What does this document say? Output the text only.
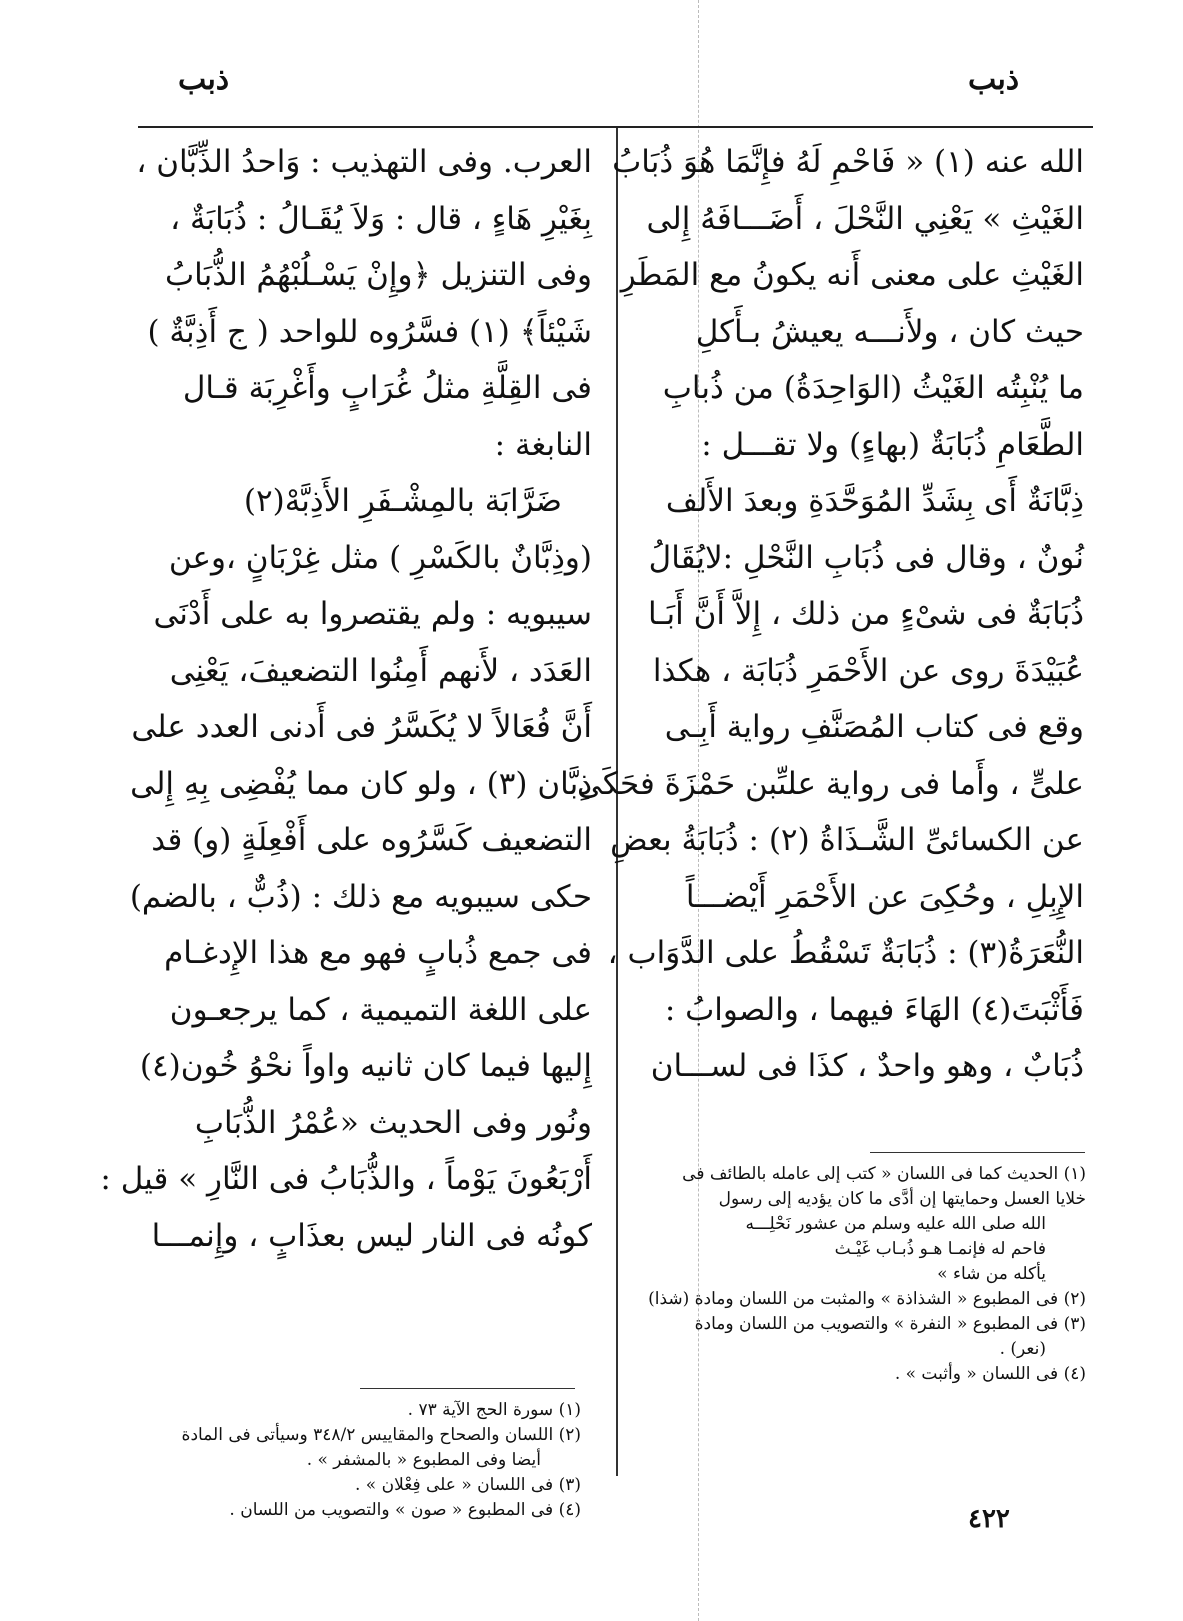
ذبب
ذبب
الله عنه (١) « فَاحْمِ لَهُ فإِنَّمَا هُوَ ذُبَابُ
الغَيْثِ » يَعْنِي النَّحْلَ ، أَضَـــافَهُ إِلى
الغَيْثِ على معنى أَنه يكونُ مع المَطَرِ
حيث كان ، ولأَنـــه يعيشُ بـأَكلِ
ما يُنْبِتُه الغَيْثُ (الوَاحِدَةُ) من ذُبابِ
الطَّعَامِ ذُبَابَةٌ (بهاءٍ) ولا تقـــل :
ذِبَّانَةٌ أَى بِشَدِّ المُوَحَّدَةِ وبعدَ الأَلف
نُونٌ ، وقال فى ذُبَابِ النَّحْلِ :لايُقَالُ
ذُبَابَةٌ فى شىْءٍ من ذلك ، إِلاَّ أَنَّ أَبَـا
عُبَيْدَةَ روى عن الأَحْمَرِ ذُبَابَة ، هكذا
وقع فى كتاب المُصَنَّفِ رواية أَبِـى
علىٍّ ، وأَما فى رواية علىِّبن حَمْزَةَ فحَكَى
عن الكسائىِّ الشَّـذَاةُ (٢) : ذُبَابَةُ بعضِ
الإِبِلِ ، وحُكِىَ عن الأَحْمَرِ أَيْضـــاً
النُّعَرَةُ(٣) : ذُبَابَةٌ تَسْقُطُ على الدَّوَاب ،
فَأَثْبَتَ(٤) الهَاءَ فيهما ، والصوابُ :
ذُبَابٌ ، وهو واحدٌ ، كذَا فى لســـان
العرب. وفى التهذيب : وَاحدُ الذِّبَّان ،
بِغَيْرِ هَاءٍ ، قال : وَلاَ يُقَـالُ : ذُبَابَةٌ ،
وفى التنزيل ﴿وإِنْ يَسْـلُبْهُمُ الذُّبَابُ
شَيْئاً﴾ (١) فسَّرُوه للواحد ( ج أَذِبَّةٌ )
فى القِلَّةِ مثلُ غُرَابٍ وأَغْرِبَة قـال
النابغة :
ضَرَّابَة بالمِشْـفَرِ الأَذِبَّهْ(٢)
(وذِبَّانٌ بالكَسْرِ ) مثل غِرْبَانٍ ،وعن
سيبويه : ولم يقتصروا به على أَدْنَى
العَدَد ، لأَنهم أَمِنُوا التضعيفَ، يَعْنِى
أَنَّ فُعَالاً لا يُكَسَّرُ فى أَدنى العدد على
ذِبَّان (٣) ، ولو كان مما يُفْضِى بِهِ إِلى
التضعيف كَسَّرُوه على أَفْعِلَةٍ (و) قد
حكى سيبويه مع ذلك : (ذُبٌّ ، بالضم)
فى جمع ذُبابٍ فهو مع هذا الإِدغـام
على اللغة التميمية ، كما يرجعـون
إِليها فيما كان ثانيه واواً نحْوُ خُون(٤)
ونُور وفى الحديث «عُمْرُ الذُّبَابِ
أَرْبَعُونَ يَوْماً ، والذُّبَابُ فى النَّارِ » قيل :
كونُه فى النار ليس بعذَابٍ ، وإِنمـــا
(١) الحديث كما فى اللسان « كتب إلى عامله بالطائف فى
خلايا العسل وحمايتها إن أدَّى ما كان يؤديه إلى رسول
الله صلى الله عليه وسلم من عشور نَحْلِـــه
فاحم له فإنمـا هـو ذُبـاب غَيْـث
يأكله من شاء »
(٢) فى المطبوع « الشذاذة » والمثبت من اللسان ومادة (شذا)
(٣) فى المطبوع « النفرة » والتصويب من اللسان ومادة
(نعر) .
(٤) فى اللسان « وأثبت » .
(١) سورة الحج الآية ٧٣ .
(٢) اللسان والصحاح والمقاييس ٣٤٨/٢ وسيأتى فى المادة
أيضا وفى المطبوع « بالمشفر » .
(٣) فى اللسان « على فِعْلان » .
(٤) فى المطبوع « صون » والتصويب من اللسان .	٤٢٢
